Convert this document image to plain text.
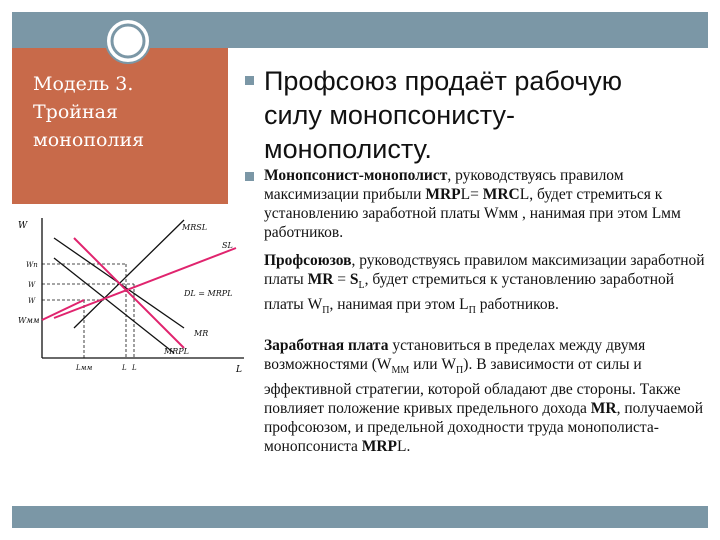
Модель 3.
Тройная
монополия
Профсоюз продаёт рабочую
силу монопсонисту-
монополисту.

Монопсонист-монополист, руководствуясь правилом максимизации прибыли MRPL= MRCL, будет стремиться к установлению заработной платы Wмм , нанимая при этом Lмм работников.

Профсоюзов, руководствуясь правилом максимизации заработной платы MR = $S_L$, будет стремиться к установлению заработной платы $W_П$, нанимая при этом $L_П$ работников.

Заработная плата установиться в пределах между двумя возможностями ($W_{ММ}$ или $W_П$). В зависимости от силы и эффективной стратегии, которой обладают две стороны. Также повлияет положение кривых предельного дохода MR, получаемой профсоюзом, и предельной доходности труда монополиста-монопсониста MRPL.

W
L
MRSL
SL
DL = MRPL
MR
MRPL
Wп
W
W
Wмм
Lмм	L L
